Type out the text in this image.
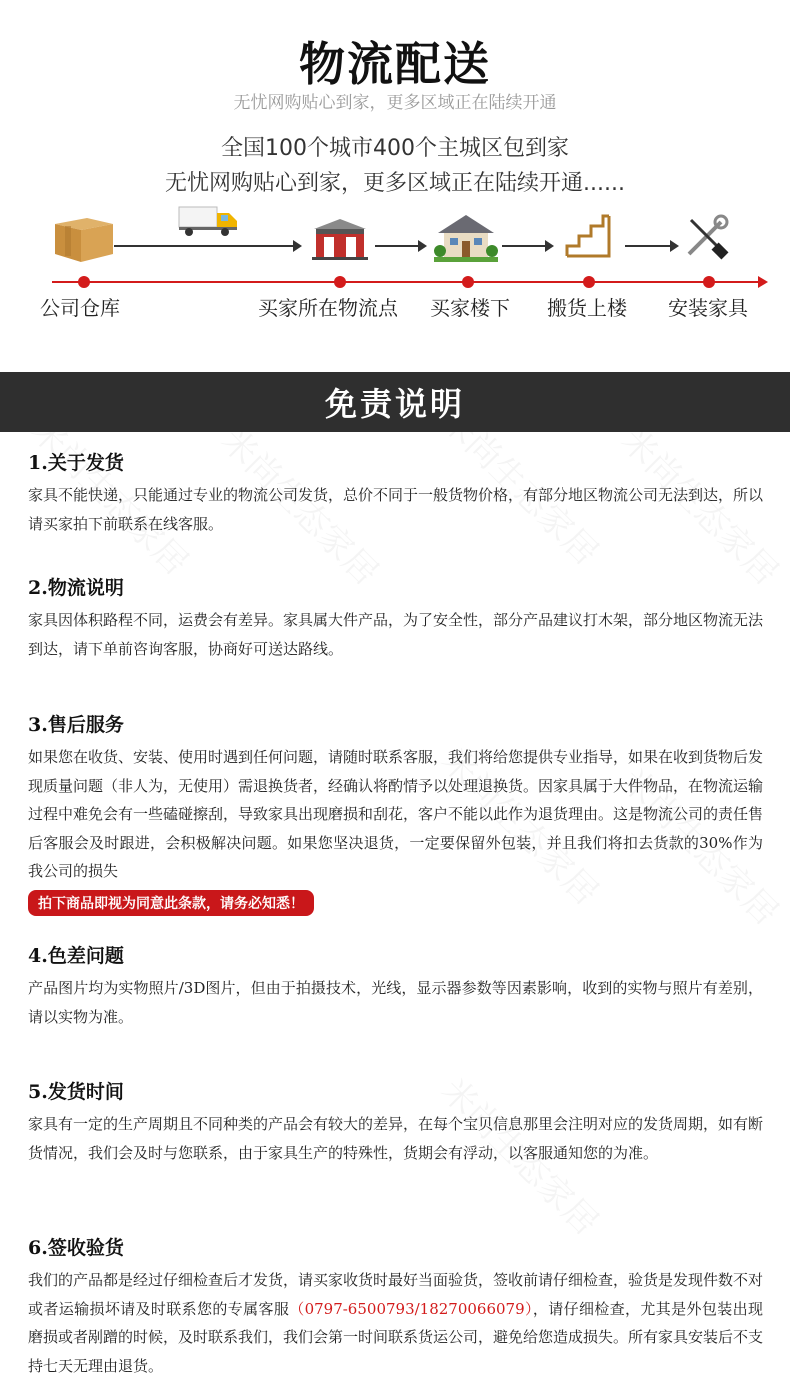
物流配送
无忧网购贴心到家，更多区域正在陆续开通
全国100个城市400个主城区包到家
无忧网购贴心到家，更多区域正在陆续开通......
公司仓库	买家所在物流点 买家楼下 搬货上楼 安装家具
免责说明
1.关于发货
家具不能快递，只能通过专业的物流公司发货，总价不同于一般货物价格，有部分地区物流公司无法到达，所以请买家拍下前联系在线客服。
2.物流说明
家具因体积路程不同，运费会有差异。家具属大件产品，为了安全性，部分产品建议打木架，部分地区物流无法到达，请下单前咨询客服，协商好可送达路线。
3.售后服务
如果您在收货、安装、使用时遇到任何问题，请随时联系客服，我们将给您提供专业指导，如果在收到货物后发现质量问题（非人为，无使用）需退换货者，经确认将酌情予以处理退换货。因家具属于大件物品，在物流运输过程中难免会有一些磕碰擦刮，导致家具出现磨损和刮花，客户不能以此作为退货理由。这是物流公司的责任售后客服会及时跟进，会积极解决问题。如果您坚决退货，一定要保留外包装，并且我们将扣去货款的30%作为我公司的损失
拍下商品即视为同意此条款，请务必知悉！
4.色差问题
产品图片均为实物照片/3D图片，但由于拍摄技术，光线，显示器参数等因素影响，收到的实物与照片有差别，请以实物为准。
5.发货时间
家具有一定的生产周期且不同种类的产品会有较大的差异，在每个宝贝信息那里会注明对应的发货周期，如有断货情况，我们会及时与您联系，由于家具生产的特殊性，货期会有浮动，以客服通知您的为准。
6.签收验货
我们的产品都是经过仔细检查后才发货，请买家收货时最好当面验货，签收前请仔细检查，验货是发现件数不对或者运输损坏请及时联系您的专属客服（0797-6500793/18270066079），请仔细检查，尤其是外包装出现磨损或者剐蹭的时候，及时联系我们，我们会第一时间联系货运公司，避免给您造成损失。所有家具安装后不支持七天无理由退货。
